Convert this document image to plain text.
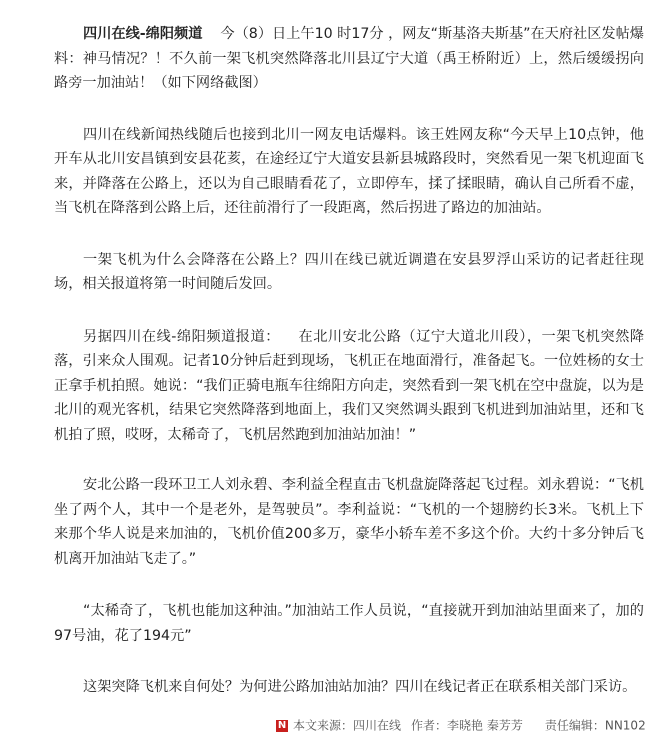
四川在线-绵阳频道 今（8）日上午10 时17分 ，网友“斯基洛夫斯基”在天府社区发帖爆料：神马情况？！不久前一架飞机突然降落北川县辽宁大道（禹王桥附近）上，然后缓缓拐向路旁一加油站！（如下网络截图）

四川在线新闻热线随后也接到北川一网友电话爆料。该王姓网友称“今天早上10点钟，他开车从北川安昌镇到安县花荄，在途经辽宁大道安县新县城路段时，突然看见一架飞机迎面飞来，并降落在公路上，还以为自己眼睛看花了，立即停车，揉了揉眼睛，确认自己所看不虚，当飞机在降落到公路上后，还往前滑行了一段距离，然后拐进了路边的加油站。

一架飞机为什么会降落在公路上？四川在线已就近调遣在安县罗浮山采访的记者赶往现场，相关报道将第一时间随后发回。

另据四川在线-绵阳频道报道： 在北川安北公路（辽宁大道北川段），一架飞机突然降落，引来众人围观。记者10分钟后赶到现场，飞机正在地面滑行，准备起飞。一位姓杨的女士正拿手机拍照。她说：“我们正骑电瓶车往绵阳方向走，突然看到一架飞机在空中盘旋，以为是北川的观光客机，结果它突然降落到地面上，我们又突然调头跟到飞机进到加油站里，还和飞机拍了照，哎呀，太稀奇了，飞机居然跑到加油站加油！”

安北公路一段环卫工人刘永碧、李利益全程直击飞机盘旋降落起飞过程。刘永碧说：“飞机坐了两个人，其中一个是老外，是驾驶员”。李利益说：“飞机的一个翅膀约长3米。飞机上下来那个华人说是来加油的，飞机价值200多万，豪华小轿车差不多这个价。大约十多分钟后飞机离开加油站飞走了。”

“太稀奇了，飞机也能加这种油。”加油站工作人员说，“直接就开到加油站里面来了，加的97号油，花了194元”

这架突降飞机来自何处？为何进公路加油站加油？四川在线记者正在联系相关部门采访。

N 本文来源：四川在线 作者：李晓艳 秦芳芳 责任编辑：NN102
